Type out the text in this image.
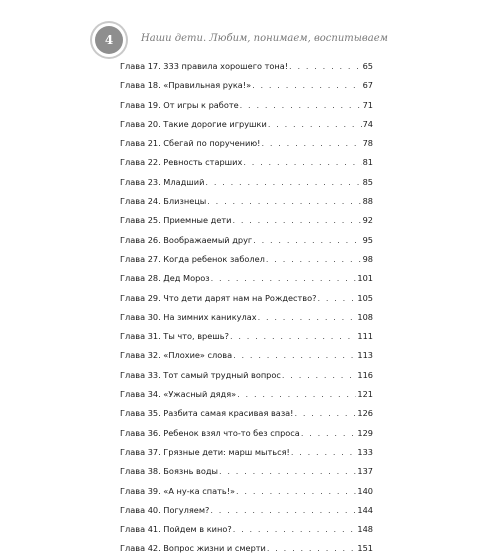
4	Наши дети. Любим, понимаем, воспитываем
Глава 17. 333 правила хорошего тона! . . .	65
Глава 18. «Правильная рука!» . . .	67
Глава 19. От игры к работе . . .	71
Глава 20. Такие дорогие игрушки . . .	74
Глава 21. Сбегай по поручению! . . .	78
Глава 22. Ревность старших . . .	81
Глава 23. Младший . . .	85
Глава 24. Близнецы . . .	88
Глава 25. Приемные дети . . .	92
Глава 26. Воображаемый друг . . .	95
Глава 27. Когда ребенок заболел . . .	98
Глава 28. Дед Мороз . . .	101
Глава 29. Что дети дарят нам на Рождество? . . .	105
Глава 30. На зимних каникулах . . .	108
Глава 31. Ты что, врешь? . . .	111
Глава 32. «Плохие» слова . . .	113
Глава 33. Тот самый трудный вопрос . . .	116
Глава 34. «Ужасный дядя» . . .	121
Глава 35. Разбита самая красивая ваза! . . .	126
Глава 36. Ребенок взял что-то без спроса . . .	129
Глава 37. Грязные дети: марш мыться! . . .	133
Глава 38. Боязнь воды . . .	137
Глава 39. «А ну-ка спать!» . . .	140
Глава 40. Погуляем? . . .	144
Глава 41. Пойдем в кино? . . .	148
Глава 42. Вопрос жизни и смерти . . .	151
